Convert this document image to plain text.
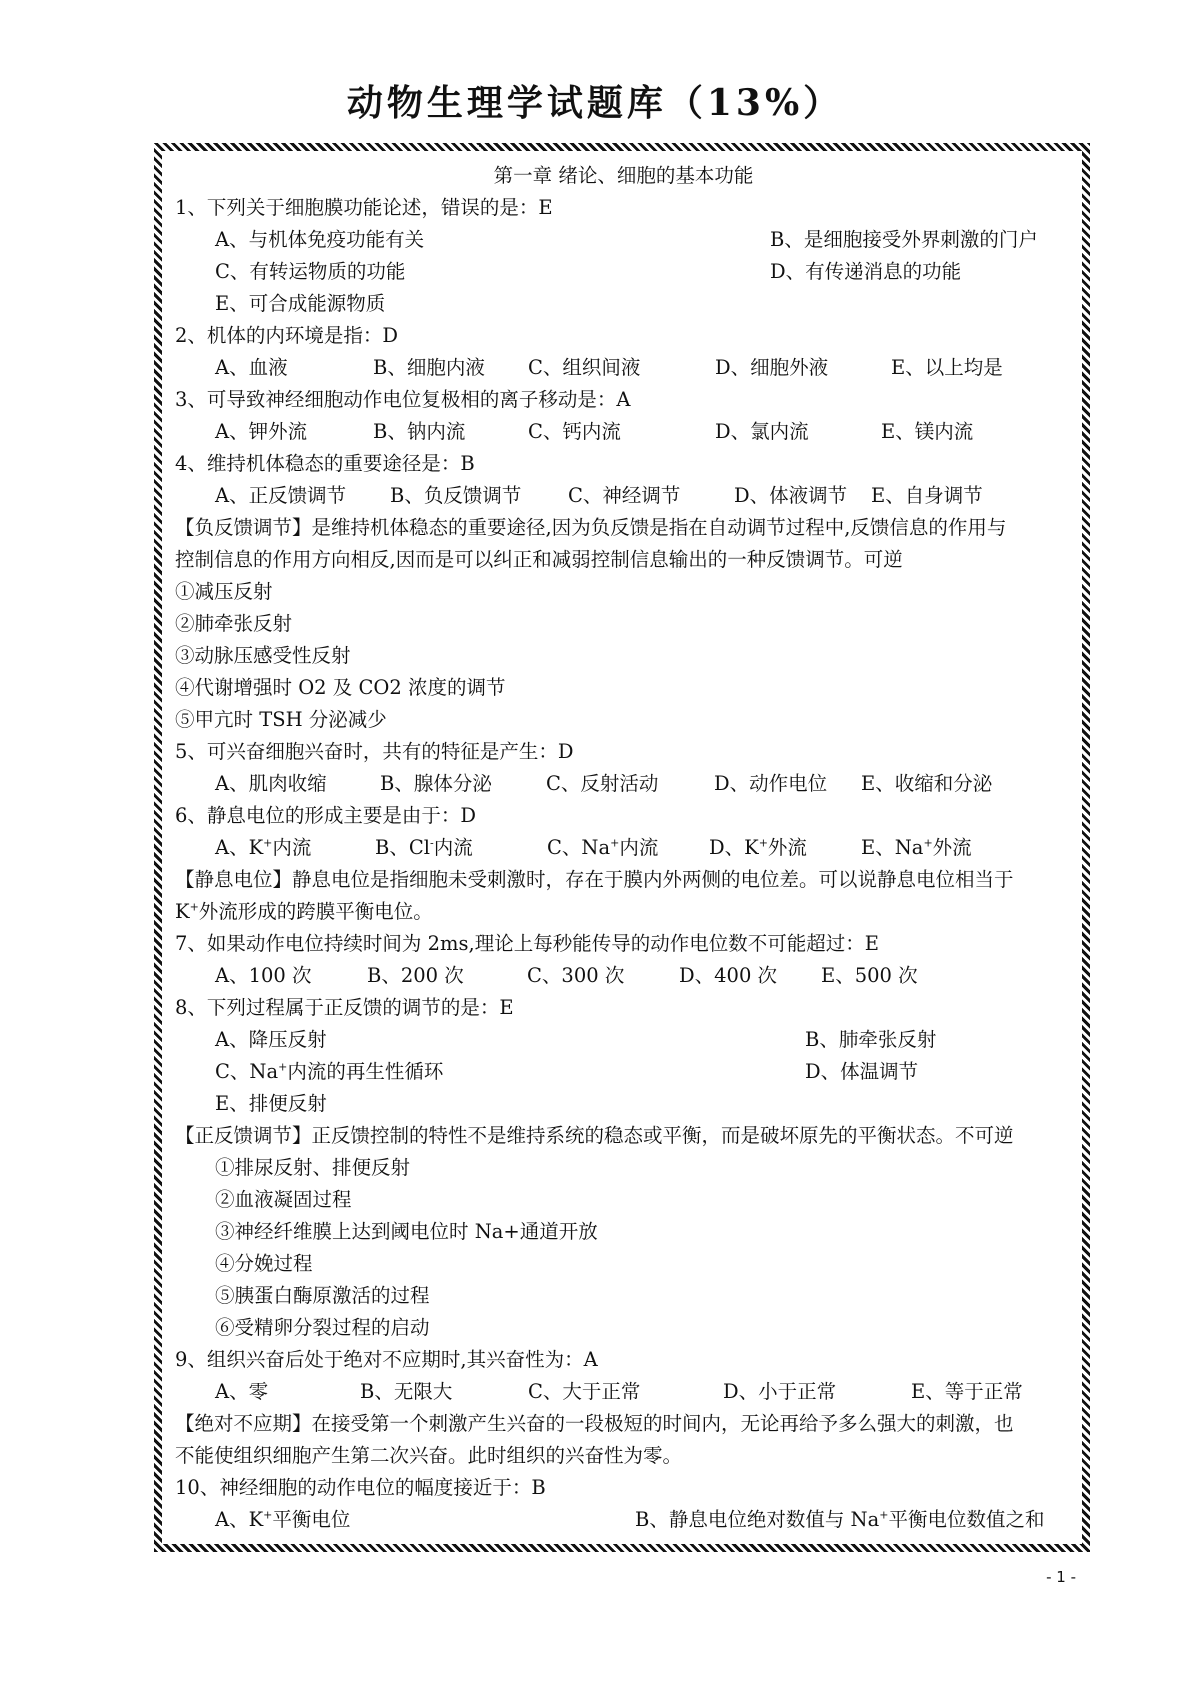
动物生理学试题库（13%）
第一章 绪论、细胞的基本功能
1、下列关于细胞膜功能论述，错误的是：E
A、与机体免疫功能有关	B、是细胞接受外界刺激的门户
C、有转运物质的功能	D、有传递消息的功能
E、可合成能源物质
2、机体的内环境是指：D
A、血液	B、细胞内液	C、组织间液	D、细胞外液	E、以上均是
3、可导致神经细胞动作电位复极相的离子移动是：A
A、钾外流	B、钠内流	C、钙内流	D、氯内流	E、镁内流
4、维持机体稳态的重要途径是：B
A、正反馈调节	B、负反馈调节	C、神经调节	D、体液调节	E、自身调节
【负反馈调节】是维持机体稳态的重要途径,因为负反馈是指在自动调节过程中,反馈信息的作用与
控制信息的作用方向相反,因而是可以纠正和减弱控制信息输出的一种反馈调节。可逆
①减压反射
②肺牵张反射
③动脉压感受性反射
④代谢增强时 O2 及 CO2 浓度的调节
⑤甲亢时 TSH 分泌减少
5、可兴奋细胞兴奋时，共有的特征是产生：D
A、肌肉收缩	B、腺体分泌	C、反射活动	D、动作电位	E、收缩和分泌
6、静息电位的形成主要是由于：D
A、K+内流	B、Cl-内流	C、Na+内流	D、K+外流	E、Na+外流
【静息电位】静息电位是指细胞未受刺激时，存在于膜内外两侧的电位差。可以说静息电位相当于
K+外流形成的跨膜平衡电位。
7、如果动作电位持续时间为 2ms,理论上每秒能传导的动作电位数不可能超过：E
A、100 次	B、200 次	C、300 次	D、400 次	E、500 次
8、下列过程属于正反馈的调节的是：E
A、降压反射	B、肺牵张反射
C、Na+内流的再生性循环	D、体温调节
E、排便反射
【正反馈调节】正反馈控制的特性不是维持系统的稳态或平衡，而是破坏原先的平衡状态。不可逆
①排尿反射、排便反射
②血液凝固过程
③神经纤维膜上达到阈电位时 Na+通道开放
④分娩过程
⑤胰蛋白酶原激活的过程
⑥受精卵分裂过程的启动
9、组织兴奋后处于绝对不应期时,其兴奋性为：A
A、零	B、无限大	C、大于正常	D、小于正常	E、等于正常
【绝对不应期】在接受第一个刺激产生兴奋的一段极短的时间内，无论再给予多么强大的刺激，也
不能使组织细胞产生第二次兴奋。此时组织的兴奋性为零。
10、神经细胞的动作电位的幅度接近于：B
A、K+平衡电位	B、静息电位绝对数值与 Na+平衡电位数值之和
- 1 -
